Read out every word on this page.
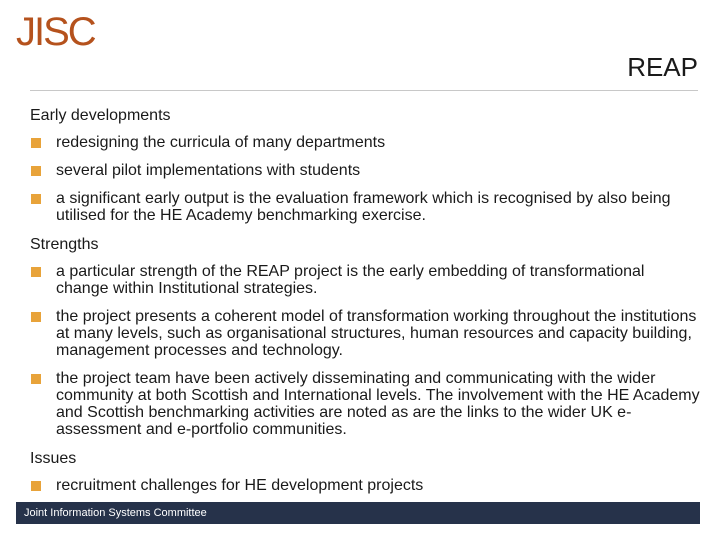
JISC
REAP
Early developments
redesigning the curricula of many departments
several pilot implementations with students
a significant early output is the evaluation framework which is recognised by also being utilised for the HE Academy benchmarking exercise.
Strengths
a particular strength of the REAP project is the early embedding of transformational change within Institutional strategies.
the project presents a coherent model of transformation working throughout the institutions at many levels, such as organisational structures, human resources and capacity building, management processes and technology.
the project team have been actively disseminating and communicating with the wider community at both Scottish and International levels. The involvement with the HE Academy and Scottish benchmarking activities are noted as are the links to the wider UK e-assessment and e-portfolio communities.
Issues
recruitment challenges for HE development projects
Joint Information Systems Committee
